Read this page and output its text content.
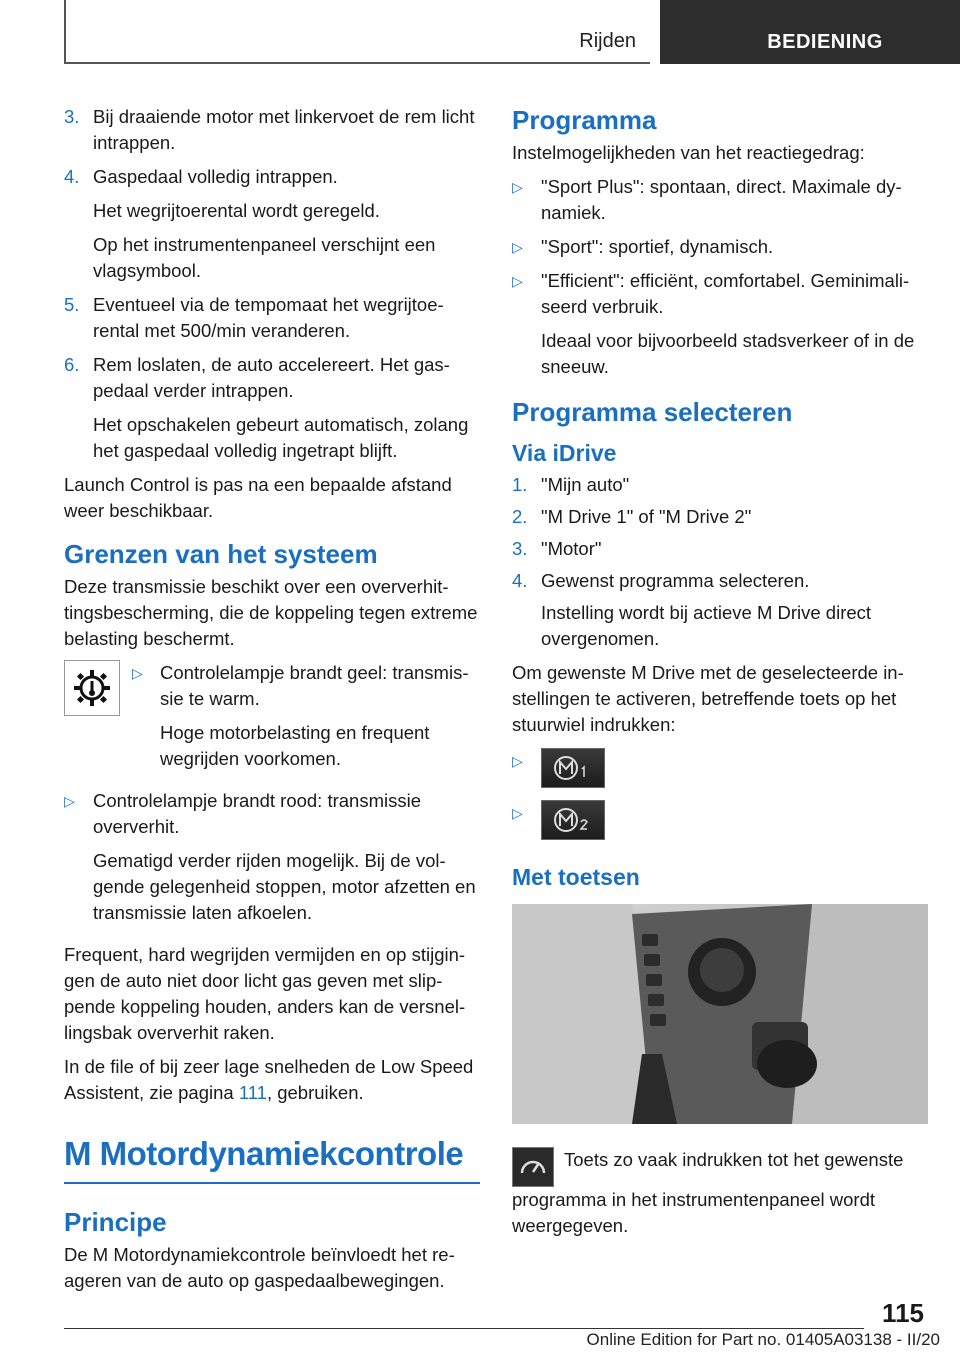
Rijden	BEDIENING
3. Bij draaiende motor met linkervoet de rem licht intrappen.
4. Gaspedaal volledig intrappen.
Het wegrijtoerental wordt geregeld.
Op het instrumentenpaneel verschijnt een vlagsymbool.
5. Eventueel via de tempomaat het wegrijtoerental met 500/min veranderen.
6. Rem loslaten, de auto accelereert. Het gaspedaal verder intrappen.
Het opschakelen gebeurt automatisch, zolang het gaspedaal volledig ingetrapt blijft.

Launch Control is pas na een bepaalde afstand weer beschikbaar.

Grenzen van het systeem

Deze transmissie beschikt over een oververhittingsbescherming, die de koppeling tegen extreme belasting beschermt.

▷ Controlelampje brandt geel: transmissie te warm.
Hoge motorbelasting en frequent wegrijden voorkomen.
▷ Controlelampje brandt rood: transmissie oververhit.
Gematigd verder rijden mogelijk. Bij de volgende gelegenheid stoppen, motor afzetten en transmissie laten afkoelen.

Frequent, hard wegrijden vermijden en op stijgingen de auto niet door licht gas geven met slippende koppeling houden, anders kan de versnellingsbak oververhit raken.

In de file of bij zeer lage snelheden de Low Speed Assistent, zie pagina 111, gebruiken.

M Motordynamiekcontrole
Principe

De M Motordynamiekcontrole beïnvloedt het reageren van de auto op gaspedaalbewegingen.

Programma

Instelmogelijkheden van het reactiegedrag:

▷ "Sport Plus": spontaan, direct. Maximale dynamiek.
▷ "Sport": sportief, dynamisch.
▷ "Efficient": efficiënt, comfortabel. Geminimaliseerd verbruik.
Ideaal voor bijvoorbeeld stadsverkeer of in de sneeuw.
Programma selecteren
Via iDrive
1. "Mijn auto"
2. "M Drive 1" of "M Drive 2"
3. "Motor"
4. Gewenst programma selecteren.
Instelling wordt bij actieve M Drive direct overgenomen.

Om gewenste M Drive met de geselecteerde instellingen te activeren, betreffende toets op het stuurwiel indrukken:

▷
▷
Met toetsen
Toets zo vaak indrukken tot het gewenste programma in het instrumentenpaneel wordt weergegeven.
115
Online Edition for Part no. 01405A03138 - II/20
